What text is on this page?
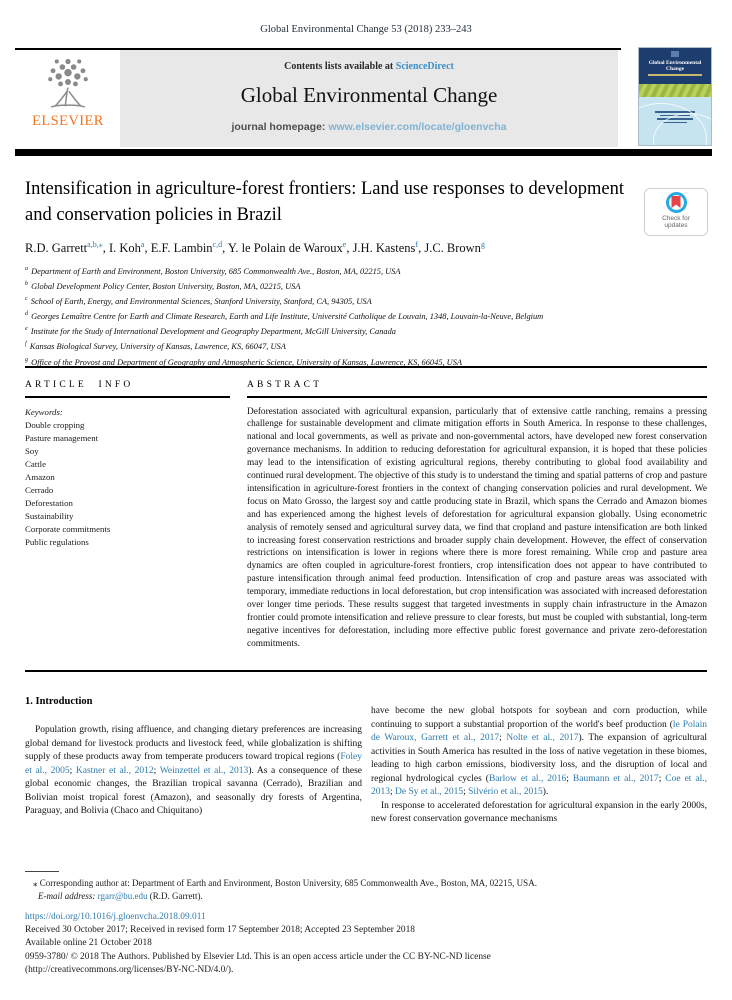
Global Environmental Change 53 (2018) 233–243
ELSEVIER
Contents lists available at ScienceDirect
Global Environmental Change
journal homepage: www.elsevier.com/locate/gloenvcha
Global Environmental Change
Intensification in agriculture-forest frontiers: Land use responses to development and conservation policies in Brazil	Check for updates
R.D. Garrett$^{a,b,⁎}$, I. Koh$^a$, E.F. Lambin$^{c,d}$, Y. le Polain de Waroux$^e$, J.H. Kastens$^f$, J.C. Brown$^g$
$^a$ Department of Earth and Environment, Boston University, 685 Commonwealth Ave., Boston, MA, 02215, USA
$^b$ Global Development Policy Center, Boston University, Boston, MA, 02215, USA
$^c$ School of Earth, Energy, and Environmental Sciences, Stanford University, Stanford, CA, 94305, USA
$^d$ Georges Lemaître Centre for Earth and Climate Research, Earth and Life Institute, Université Catholique de Louvain, 1348, Louvain-la-Neuve, Belgium
$^e$ Institute for the Study of International Development and Geography Department, McGill University, Canada
$^f$ Kansas Biological Survey, University of Kansas, Lawrence, KS, 66047, USA
$^g$ Office of the Provost and Department of Geography and Atmospheric Science, University of Kansas, Lawrence, KS, 66045, USA
ARTICLE INFO
Keywords:
Double cropping
Pasture management
Soy
Cattle
Amazon
Cerrado
Deforestation
Sustainability
Corporate commitments
Public regulations
ABSTRACT
Deforestation associated with agricultural expansion, particularly that of extensive cattle ranching, remains a pressing challenge for sustainable development and climate mitigation efforts in South America. In response to these challenges, national and local governments, as well as private and non-governmental actors, have developed new forest conservation governance mechanisms. In addition to reducing deforestation for agricultural expansion, it is hoped that these policies may lead to the intensification of existing agricultural regions, thereby contributing to global food availability and continued rural development. The objective of this study is to understand the timing and spatial patterns of crop and pasture intensification in agriculture-forest frontiers in the context of changing conservation policies and rural development. We focus on Mato Grosso, the largest soy and cattle producing state in Brazil, which spans the Cerrado and Amazon biomes and has experienced among the highest levels of deforestation for agricultural expansion globally. Using econometric analysis of remotely sensed and agricultural survey data, we find that cropland and pasture intensification are both linked to increasing forest conservation restrictions and broader supply chain development. However, the effect of conservation restrictions on intensification is lower in regions where there is more forest remaining. While crop and pasture area dynamics are often coupled in agriculture-forest frontiers, crop intensification does not appear to have contributed to pasture intensification through animal feed production. Intensification of crop and pasture areas was associated with temporary, immediate reductions in local deforestation, but crop intensification was associated with increased deforestation over longer time periods. These results suggest that targeted investments in supply chain infrastructure in the Amazon frontier could promote intensification and relieve pressure to clear forests, but must be coupled with substantial, long-term negative incentives for deforestation, including more effective public forest governance and private zero-deforestation commitments.
1. Introduction

Population growth, rising affluence, and changing dietary preferences are increasing global demand for livestock products and livestock feed, while globalization is shifting supply of these products away from temperate producers toward tropical regions (Foley et al., 2005; Kastner et al., 2012; Weinzettel et al., 2013). As a consequence of these global economic changes, the Brazilian tropical savanna (Cerrado), Brazilian and Bolivian moist tropical forest (Amazon), and seasonally dry forests of Argentina, Paraguay, and Bolivia (Chaco and Chiquitano)

have become the new global hotspots for soybean and corn production, while continuing to support a substantial proportion of the world's beef production (le Polain de Waroux, Garrett et al., 2017; Nolte et al., 2017). The expansion of agricultural activities in South America has resulted in the loss of native vegetation in these biomes, leading to high carbon emissions, biodiversity loss, and the disruption of local and regional hydrological cycles (Barlow et al., 2016; Baumann et al., 2017; Coe et al., 2013; De Sy et al., 2015; Silvério et al., 2015).

In response to accelerated deforestation for agricultural expansion in the early 2000s, new forest conservation governance mechanisms

⁎ Corresponding author at: Department of Earth and Environment, Boston University, 685 Commonwealth Ave., Boston, MA, 02215, USA.
E-mail address: rgarr@bu.edu (R.D. Garrett).
https://doi.org/10.1016/j.gloenvcha.2018.09.011
Received 30 October 2017; Received in revised form 17 September 2018; Accepted 23 September 2018
Available online 21 October 2018
0959-3780/ © 2018 The Authors. Published by Elsevier Ltd. This is an open access article under the CC BY-NC-ND license
(http://creativecommons.org/licenses/BY-NC-ND/4.0/).
